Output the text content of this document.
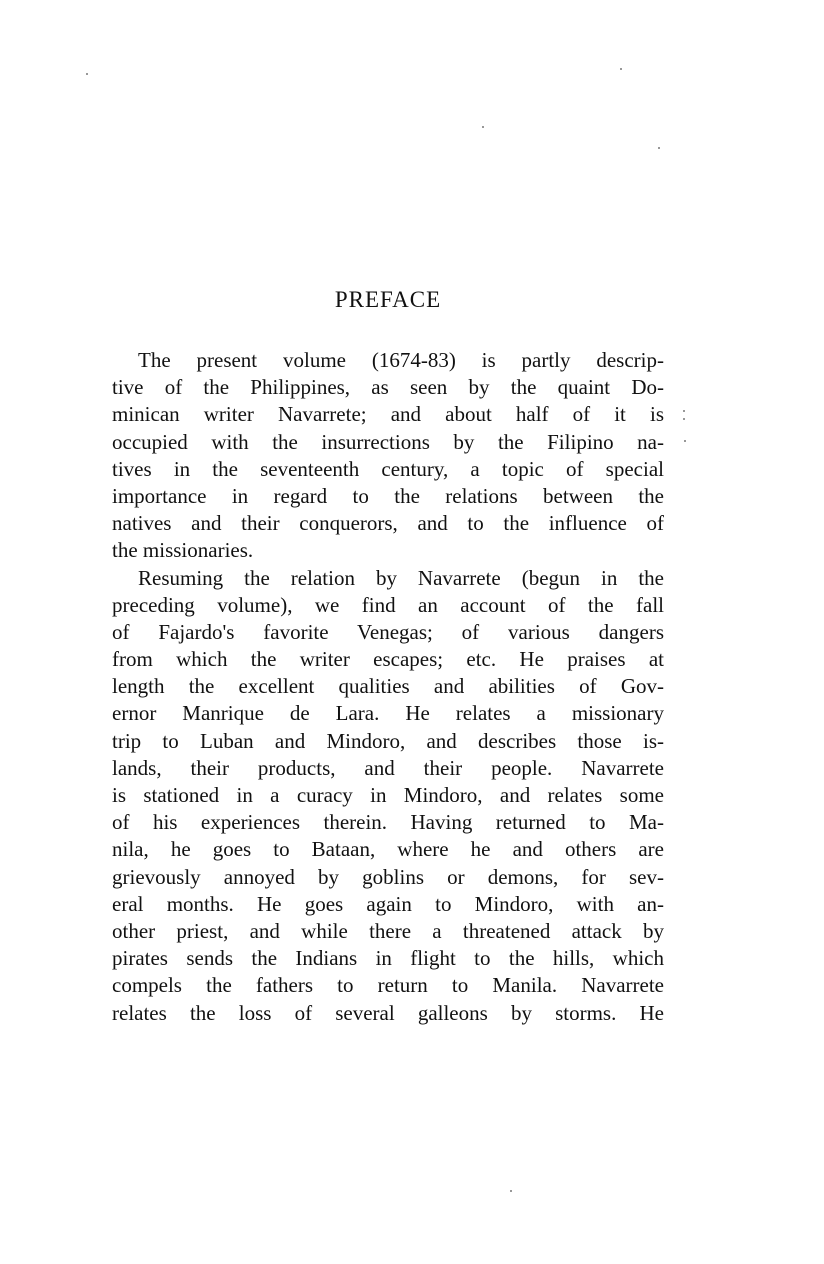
PREFACE
The present volume (1674-83) is partly descrip-
tive of the Philippines, as seen by the quaint Do-
minican writer Navarrete; and about half of it is
occupied with the insurrections by the Filipino na-
tives in the seventeenth century, a topic of special
importance in regard to the relations between the
natives and their conquerors, and to the influence of
the missionaries.
Resuming the relation by Navarrete (begun in the
preceding volume), we find an account of the fall
of Fajardo's favorite Venegas; of various dangers
from which the writer escapes; etc. He praises at
length the excellent qualities and abilities of Gov-
ernor Manrique de Lara. He relates a missionary
trip to Luban and Mindoro, and describes those is-
lands, their products, and their people. Navarrete
is stationed in a curacy in Mindoro, and relates some
of his experiences therein. Having returned to Ma-
nila, he goes to Bataan, where he and others are
grievously annoyed by goblins or demons, for sev-
eral months. He goes again to Mindoro, with an-
other priest, and while there a threatened attack by
pirates sends the Indians in flight to the hills, which
compels the fathers to return to Manila. Navarrete
relates the loss of several galleons by storms. He
